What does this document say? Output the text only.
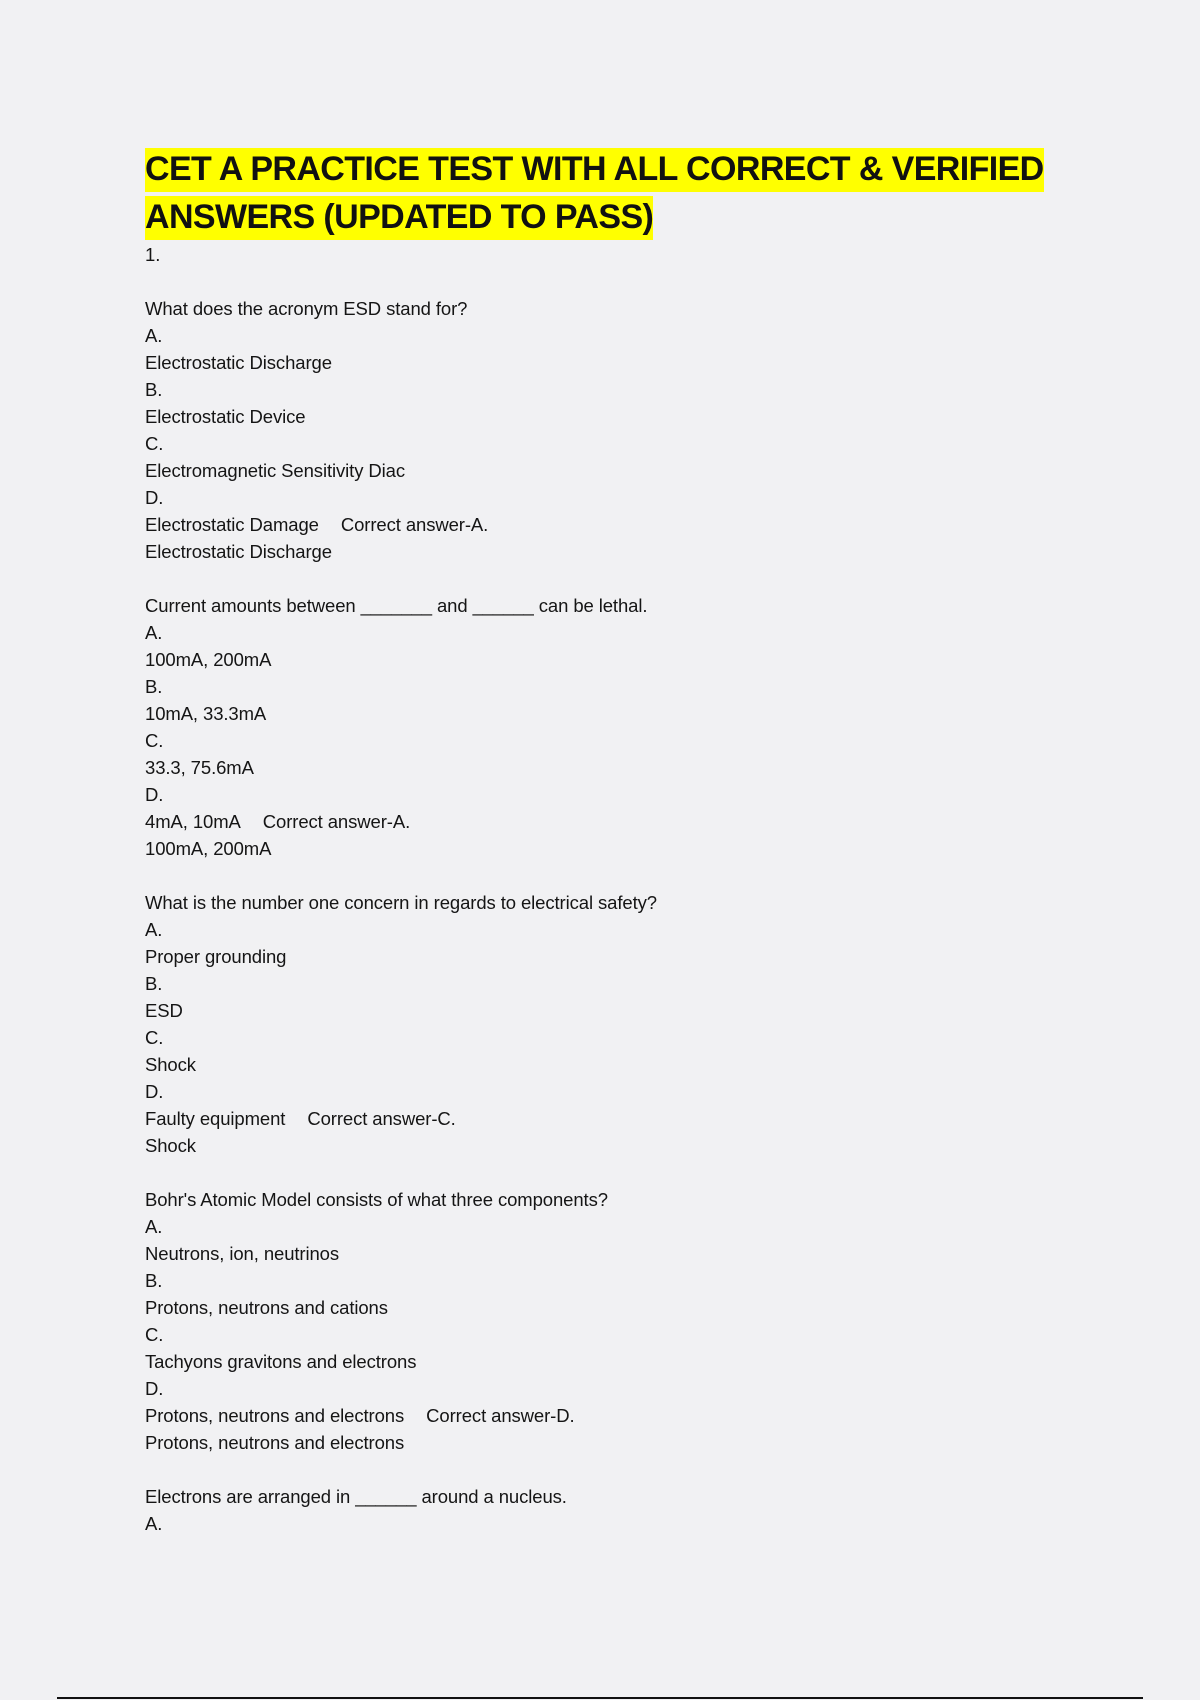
CET A PRACTICE TEST WITH ALL CORRECT & VERIFIED
ANSWERS (UPDATED TO PASS)
1.
What does the acronym ESD stand for?
A.
Electrostatic Discharge
B.
Electrostatic Device
C.
Electromagnetic Sensitivity Diac
D.
Electrostatic Damage Correct answer-A.
Electrostatic Discharge
Current amounts between _______ and ______ can be lethal.
A.
100mA, 200mA
B.
10mA, 33.3mA
C.
33.3, 75.6mA
D.
4mA, 10mA Correct answer-A.
100mA, 200mA
What is the number one concern in regards to electrical safety?
A.
Proper grounding
B.
ESD
C.
Shock
D.
Faulty equipment Correct answer-C.
Shock
Bohr's Atomic Model consists of what three components?
A.
Neutrons, ion, neutrinos
B.
Protons, neutrons and cations
C.
Tachyons gravitons and electrons
D.
Protons, neutrons and electrons Correct answer-D.
Protons, neutrons and electrons
Electrons are arranged in ______ around a nucleus.
A.
